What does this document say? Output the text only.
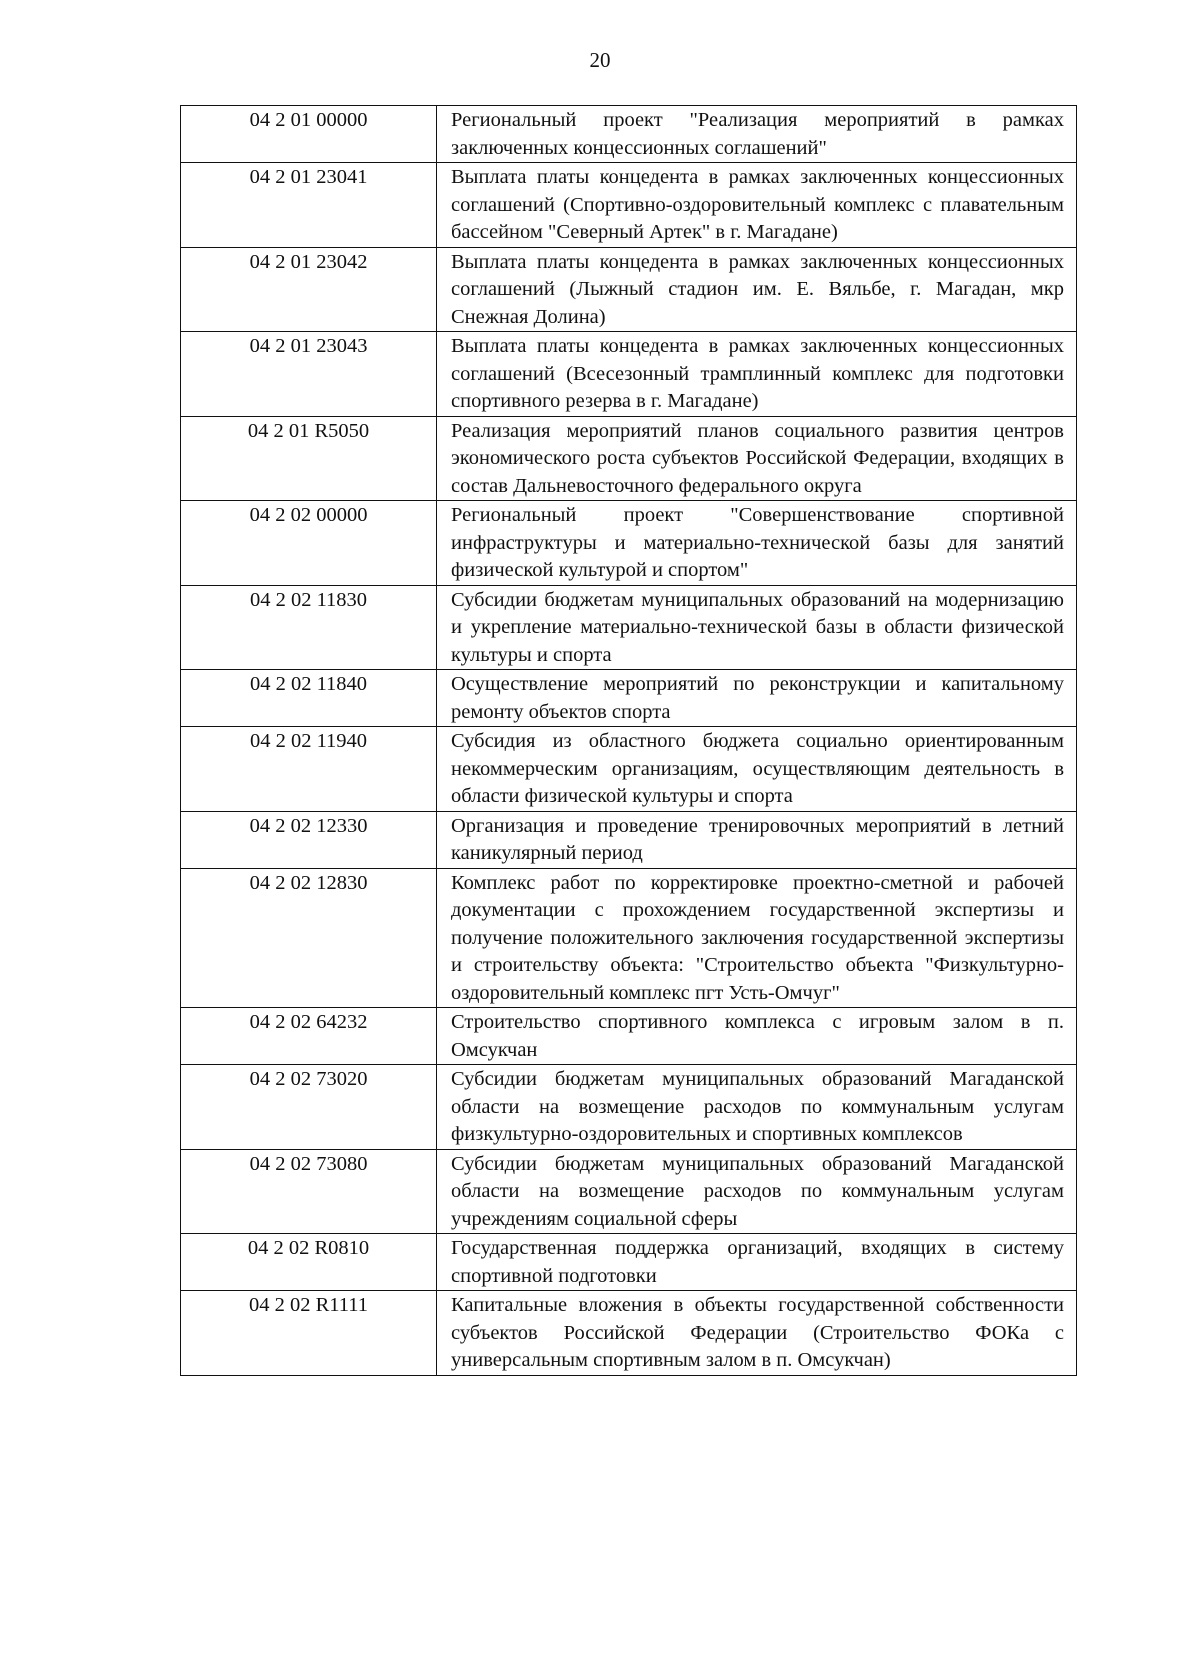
20
04 2 01 00000	Региональный проект "Реализация мероприятий в рамках заключенных концессионных соглашений"
04 2 01 23041	Выплата платы концедента в рамках заключенных концессионных соглашений (Спортивно-оздоровительный комплекс с плавательным бассейном "Северный Артек" в г. Магадане)
04 2 01 23042	Выплата платы концедента в рамках заключенных концессионных соглашений (Лыжный стадион им. Е. Вяльбе, г. Магадан, мкр Снежная Долина)
04 2 01 23043	Выплата платы концедента в рамках заключенных концессионных соглашений (Всесезонный трамплинный комплекс для подготовки спортивного резерва в г. Магадане)
04 2 01 R5050	Реализация мероприятий планов социального развития центров экономического роста субъектов Российской Федерации, входящих в состав Дальневосточного федерального округа
04 2 02 00000	Региональный проект "Совершенствование спортивной инфраструктуры и материально-технической базы для занятий физической культурой и спортом"
04 2 02 11830	Субсидии бюджетам муниципальных образований на модернизацию и укрепление материально-технической базы в области физической культуры и спорта
04 2 02 11840	Осуществление мероприятий по реконструкции и капитальному ремонту объектов спорта
04 2 02 11940	Субсидия из областного бюджета социально ориентированным некоммерческим организациям, осуществляющим деятельность в области физической культуры и спорта
04 2 02 12330	Организация и проведение тренировочных мероприятий в летний каникулярный период
04 2 02 12830	Комплекс работ по корректировке проектно-сметной и рабочей документации с прохождением государственной экспертизы и получение положительного заключения государственной экспертизы и строительству объекта: "Строительство объекта "Физкультурно-оздоровительный комплекс пгт Усть-Омчуг"
04 2 02 64232	Строительство спортивного комплекса с игровым залом в п. Омсукчан
04 2 02 73020	Субсидии бюджетам муниципальных образований Магаданской области на возмещение расходов по коммунальным услугам физкультурно-оздоровительных и спортивных комплексов
04 2 02 73080	Субсидии бюджетам муниципальных образований Магаданской области на возмещение расходов по коммунальным услугам учреждениям социальной сферы
04 2 02 R0810	Государственная поддержка организаций, входящих в систему спортивной подготовки
04 2 02 R1111	Капитальные вложения в объекты государственной собственности субъектов Российской Федерации (Строительство ФОКа с универсальным спортивным залом в п. Омсукчан)
